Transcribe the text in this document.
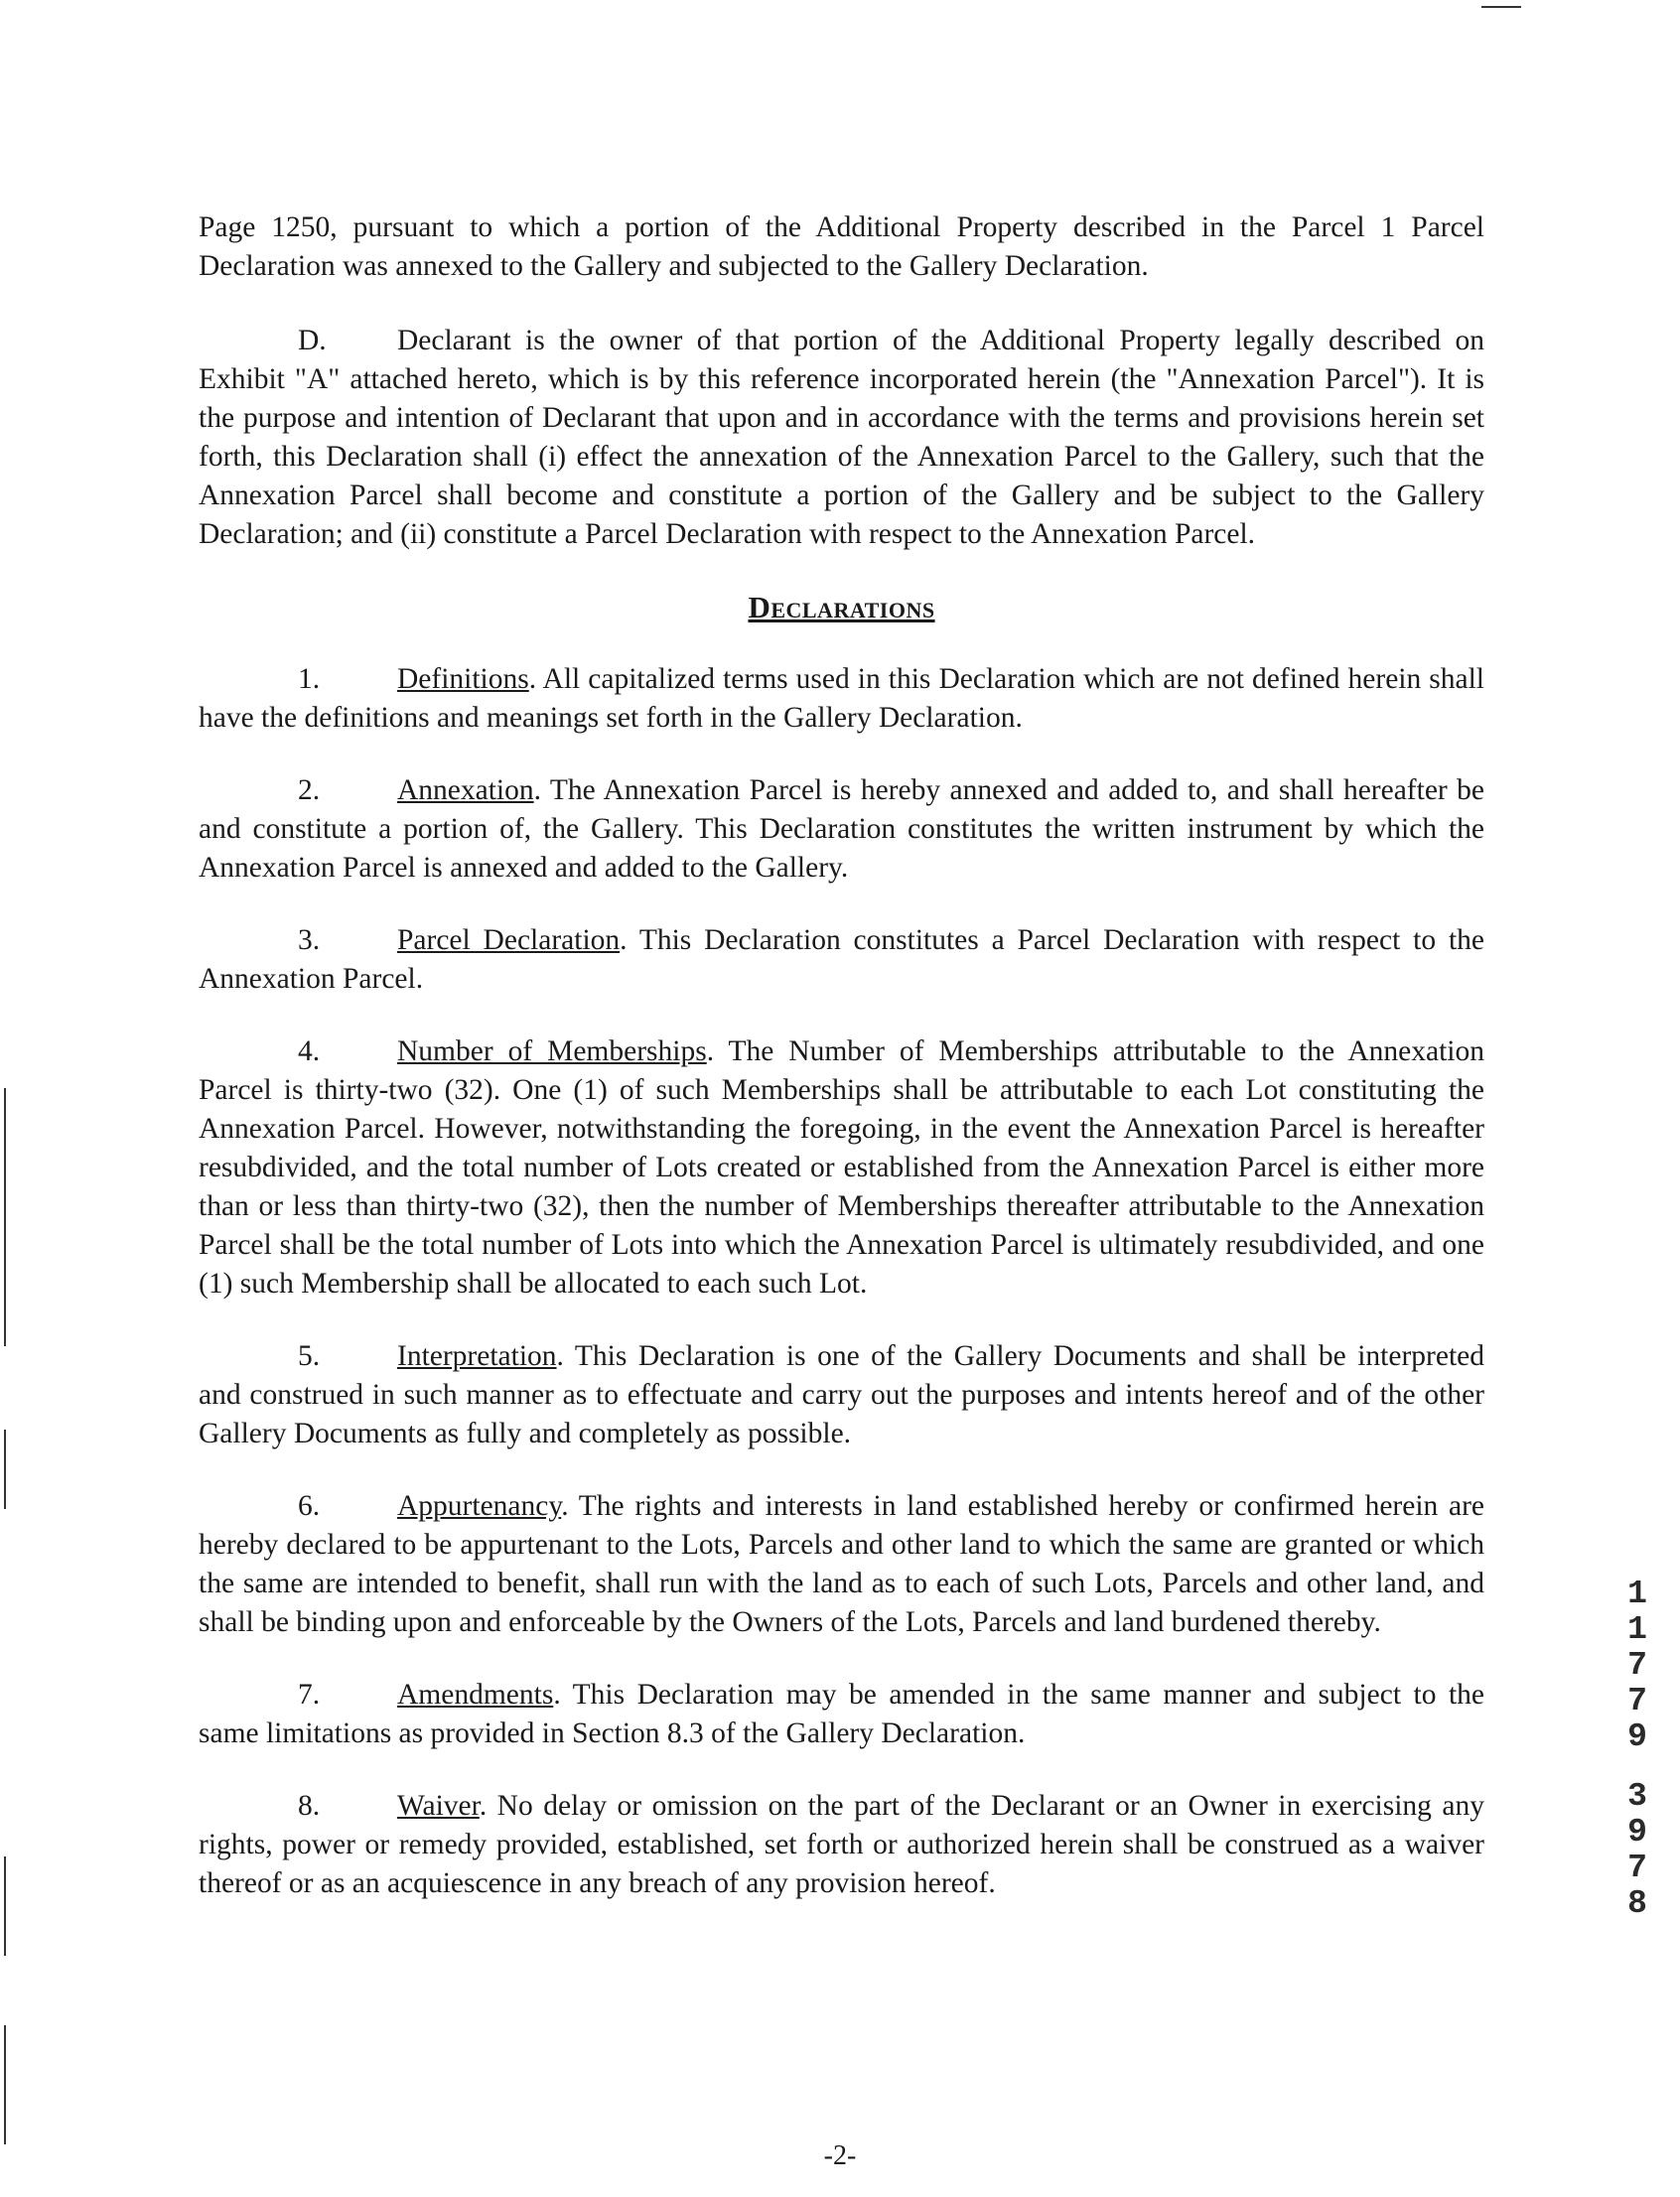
Page 1250, pursuant to which a portion of the Additional Property described in the Parcel 1 Parcel Declaration was annexed to the Gallery and subjected to the Gallery Declaration.

D. Declarant is the owner of that portion of the Additional Property legally described on Exhibit "A" attached hereto, which is by this reference incorporated herein (the "Annexation Parcel"). It is the purpose and intention of Declarant that upon and in accordance with the terms and provisions herein set forth, this Declaration shall (i) effect the annexation of the Annexation Parcel to the Gallery, such that the Annexation Parcel shall become and constitute a portion of the Gallery and be subject to the Gallery Declaration; and (ii) constitute a Parcel Declaration with respect to the Annexation Parcel.

Declarations

1.	Definitions. All capitalized terms used in this Declaration which are not defined herein shall have the definitions and meanings set forth in the Gallery Declaration.

2.	Annexation. The Annexation Parcel is hereby annexed and added to, and shall hereafter be and constitute a portion of, the Gallery. This Declaration constitutes the written instrument by which the Annexation Parcel is annexed and added to the Gallery.

3.	Parcel Declaration. This Declaration constitutes a Parcel Declaration with respect to the Annexation Parcel.

4.	Number of Memberships. The Number of Memberships attributable to the Annexation Parcel is thirty-two (32). One (1) of such Memberships shall be attributable to each Lot constituting the Annexation Parcel. However, notwithstanding the foregoing, in the event the Annexation Parcel is hereafter resubdivided, and the total number of Lots created or established from the Annexation Parcel is either more than or less than thirty-two (32), then the number of Memberships thereafter attributable to the Annexation Parcel shall be the total number of Lots into which the Annexation Parcel is ultimately resubdivided, and one (1) such Membership shall be allocated to each such Lot.

5.	Interpretation. This Declaration is one of the Gallery Documents and shall be interpreted and construed in such manner as to effectuate and carry out the purposes and intents hereof and of the other Gallery Documents as fully and completely as possible.

6.	Appurtenancy. The rights and interests in land established hereby or confirmed herein are hereby declared to be appurtenant to the Lots, Parcels and other land to which the same are granted or which the same are intended to benefit, shall run with the land as to each of such Lots, Parcels and other land, and shall be binding upon and enforceable by the Owners of the Lots, Parcels and land burdened thereby.

7.	Amendments. This Declaration may be amended in the same manner and subject to the same limitations as provided in Section 8.3 of the Gallery Declaration.

8.	Waiver. No delay or omission on the part of the Declarant or an Owner in exercising any rights, power or remedy provided, established, set forth or authorized herein shall be construed as a waiver thereof or as an acquiescence in any breach of any provision hereof.

1
1
7
7
9
3
9
7
8
-2-
